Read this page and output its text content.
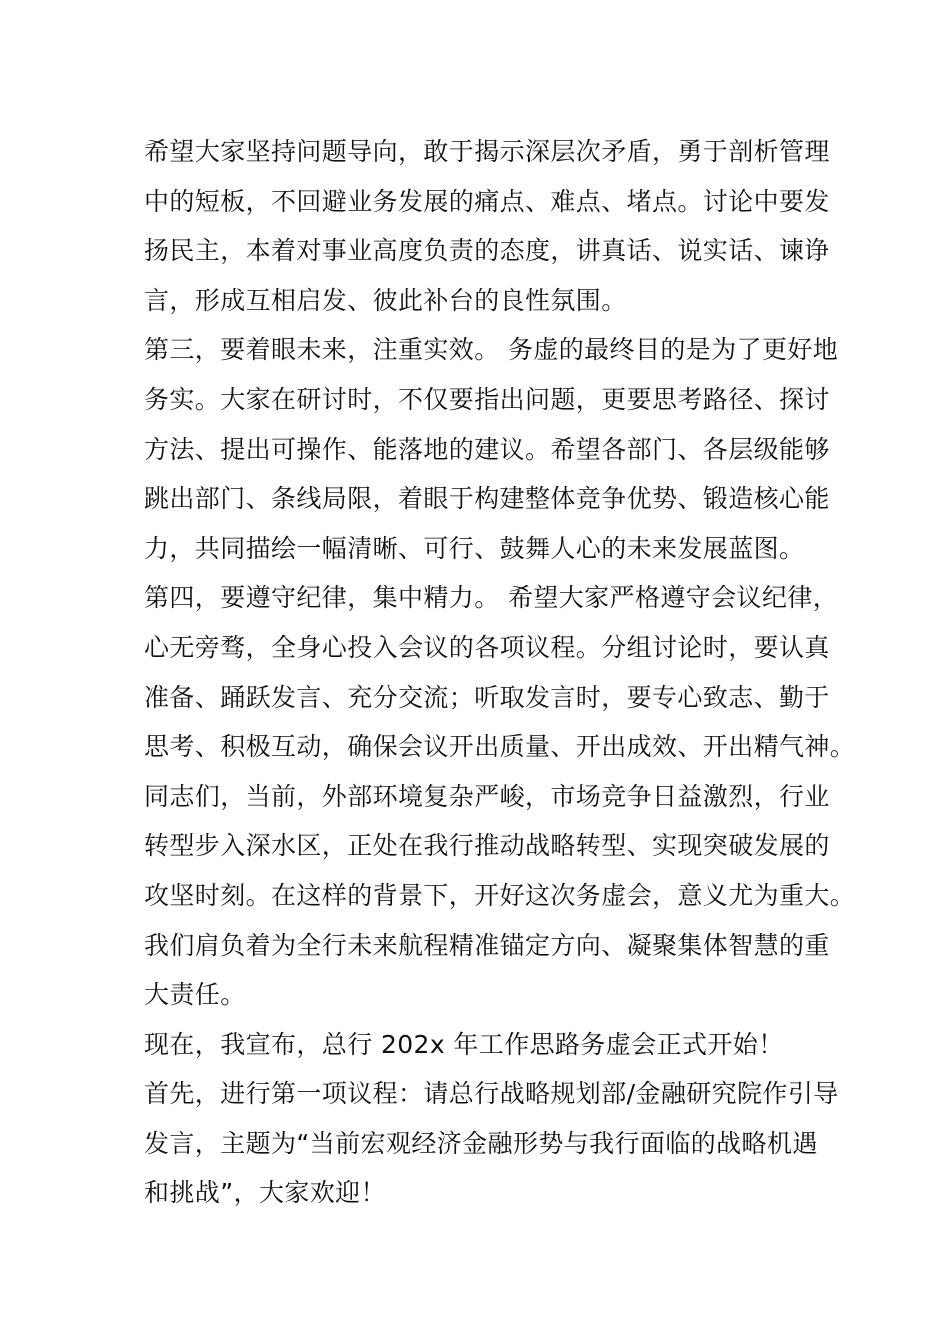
希望大家坚持问题导向，敢于揭示深层次矛盾，勇于剖析管理
中的短板，不回避业务发展的痛点、难点、堵点。讨论中要发
扬民主，本着对事业高度负责的态度，讲真话、说实话、谏诤
言，形成互相启发、彼此补台的良性氛围。
第三，要着眼未来，注重实效。 务虚的最终目的是为了更好地
务实。大家在研讨时，不仅要指出问题，更要思考路径、探讨
方法、提出可操作、能落地的建议。希望各部门、各层级能够
跳出部门、条线局限，着眼于构建整体竞争优势、锻造核心能
力，共同描绘一幅清晰、可行、鼓舞人心的未来发展蓝图。
第四，要遵守纪律，集中精力。 希望大家严格遵守会议纪律，
心无旁骛，全身心投入会议的各项议程。分组讨论时，要认真
准备、踊跃发言、充分交流；听取发言时，要专心致志、勤于
思考、积极互动，确保会议开出质量、开出成效、开出精气神。
同志们，当前，外部环境复杂严峻，市场竞争日益激烈，行业
转型步入深水区，正处在我行推动战略转型、实现突破发展的
攻坚时刻。在这样的背景下，开好这次务虚会，意义尤为重大。
我们肩负着为全行未来航程精准锚定方向、凝聚集体智慧的重
大责任。
现在，我宣布，总行 202x 年工作思路务虚会正式开始！
首先，进行第一项议程：请总行战略规划部/金融研究院作引导
发言，主题为“当前宏观经济金融形势与我行面临的战略机遇
和挑战”，大家欢迎！
